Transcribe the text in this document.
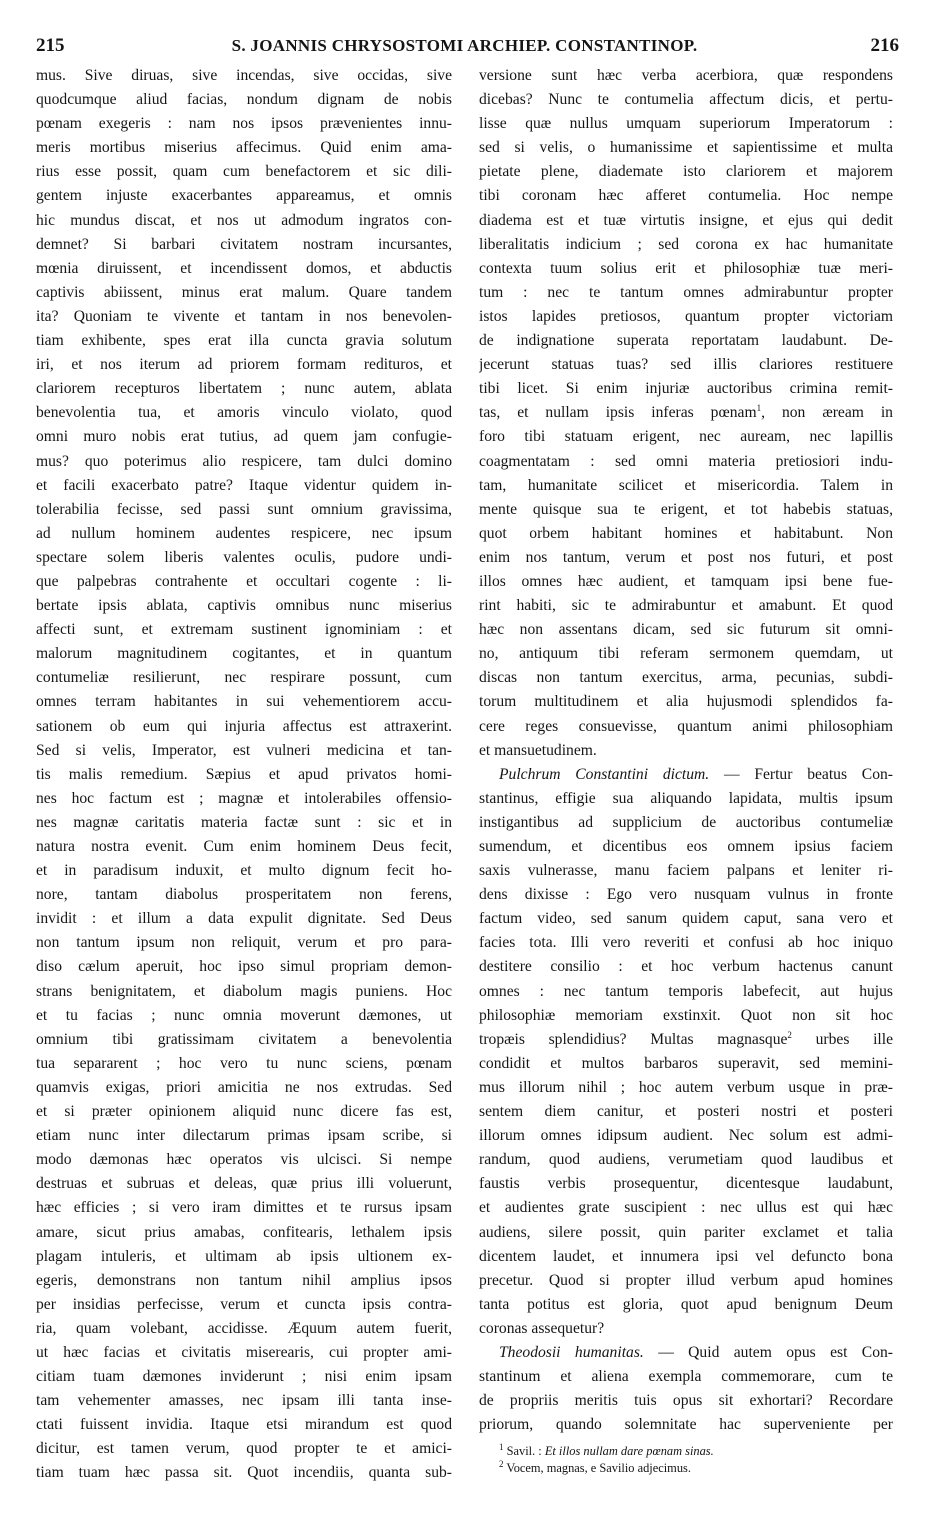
215	S. JOANNIS CHRYSOSTOMI ARCHIEP. CONSTANTINOP.	216
mus. Sive diruas, sive incendas, sive occidas, sive
quodcumque aliud facias, nondum dignam de nobis
pœnam exegeris : nam nos ipsos prævenientes innu-
meris mortibus miserius affecimus. Quid enim ama-
rius esse possit, quam cum benefactorem et sic dili-
gentem injuste exacerbantes appareamus, et omnis
hic mundus discat, et nos ut admodum ingratos con-
demnet? Si barbari civitatem nostram incursantes,
mœnia diruissent, et incendissent domos, et abductis
captivis abiissent, minus erat malum. Quare tandem
ita? Quoniam te vivente et tantam in nos benevolen-
tiam exhibente, spes erat illa cuncta gravia solutum
iri, et nos iterum ad priorem formam redituros, et
clariorem recepturos libertatem ; nunc autem, ablata
benevolentia tua, et amoris vinculo violato, quod
omni muro nobis erat tutius, ad quem jam confugie-
mus? quo poterimus alio respicere, tam dulci domino
et facili exacerbato patre? Itaque videntur quidem in-
tolerabilia fecisse, sed passi sunt omnium gravissima,
ad nullum hominem audentes respicere, nec ipsum
spectare solem liberis valentes oculis, pudore undi-
que palpebras contrahente et occultari cogente : li-
bertate ipsis ablata, captivis omnibus nunc miserius
affecti sunt, et extremam sustinent ignominiam : et
malorum magnitudinem cogitantes, et in quantum
contumeliæ resilierunt, nec respirare possunt, cum
omnes terram habitantes in sui vehementiorem accu-
sationem ob eum qui injuria affectus est attraxerint.
Sed si velis, Imperator, est vulneri medicina et tan-
tis malis remedium. Sæpius et apud privatos homi-
nes hoc factum est ; magnæ et intolerabiles offensio-
nes magnæ caritatis materia factæ sunt : sic et in
natura nostra evenit. Cum enim hominem Deus fecit,
et in paradisum induxit, et multo dignum fecit ho-
nore, tantam diabolus prosperitatem non ferens,
invidit : et illum a data expulit dignitate. Sed Deus
non tantum ipsum non reliquit, verum et pro para-
diso cælum aperuit, hoc ipso simul propriam demon-
strans benignitatem, et diabolum magis puniens. Hoc
et tu facias ; nunc omnia moverunt dæmones, ut
omnium tibi gratissimam civitatem a benevolentia
tua separarent ; hoc vero tu nunc sciens, pœnam
quamvis exigas, priori amicitia ne nos extrudas. Sed
et si præter opinionem aliquid nunc dicere fas est,
etiam nunc inter dilectarum primas ipsam scribe, si
modo dæmonas hæc operatos vis ulcisci. Si nempe
destruas et subruas et deleas, quæ prius illi voluerunt,
hæc efficies ; si vero iram dimittes et te rursus ipsam
amare, sicut prius amabas, confitearis, lethalem ipsis
plagam intuleris, et ultimam ab ipsis ultionem ex-
egeris, demonstrans non tantum nihil amplius ipsos
per insidias perfecisse, verum et cuncta ipsis contra-
ria, quam volebant, accidisse. Æquum autem fuerit,
ut hæc facias et civitatis miserearis, cui propter ami-
citiam tuam dæmones inviderunt ; nisi enim ipsam
tam vehementer amasses, nec ipsam illi tanta inse-
ctati fuissent invidia. Itaque etsi mirandum est quod
dicitur, est tamen verum, quod propter te et amici-
tiam tuam hæc passa sit. Quot incendiis, quanta sub-
versione sunt hæc verba acerbiora, quæ respondens
dicebas? Nunc te contumelia affectum dicis, et pertu-
lisse quæ nullus umquam superiorum Imperatorum :
sed si velis, o humanissime et sapientissime et multa
pietate plene, diademate isto clariorem et majorem
tibi coronam hæc afferet contumelia. Hoc nempe
diadema est et tuæ virtutis insigne, et ejus qui dedit
liberalitatis indicium ; sed corona ex hac humanitate
contexta tuum solius erit et philosophiæ tuæ meri-
tum : nec te tantum omnes admirabuntur propter
istos lapides pretiosos, quantum propter victoriam
de indignatione superata reportatam laudabunt. De-
jecerunt statuas tuas? sed illis clariores restituere
tibi licet. Si enim injuriæ auctoribus crimina remit-
tas, et nullam ipsis inferas pœnam$^1$, non æream in
foro tibi statuam erigent, nec auream, nec lapillis
coagmentatam : sed omni materia pretiosiori indu-
tam, humanitate scilicet et misericordia. Talem in
mente quisque sua te erigent, et tot habebis statuas,
quot orbem habitant homines et habitabunt. Non
enim nos tantum, verum et post nos futuri, et post
illos omnes hæc audient, et tamquam ipsi bene fue-
rint habiti, sic te admirabuntur et amabunt. Et quod
hæc non assentans dicam, sed sic futurum sit omni-
no, antiquum tibi referam sermonem quemdam, ut
discas non tantum exercitus, arma, pecunias, subdi-
torum multitudinem et alia hujusmodi splendidos fa-
cere reges consuevisse, quantum animi philosophiam
et mansuetudinem.
Pulchrum Constantini dictum. — Fertur beatus Con-
stantinus, effigie sua aliquando lapidata, multis ipsum
instigantibus ad supplicium de auctoribus contumeliæ
sumendum, et dicentibus eos omnem ipsius faciem
saxis vulnerasse, manu faciem palpans et leniter ri-
dens dixisse : Ego vero nusquam vulnus in fronte
factum video, sed sanum quidem caput, sana vero et
facies tota. Illi vero reveriti et confusi ab hoc iniquo
destitere consilio : et hoc verbum hactenus canunt
omnes : nec tantum temporis labefecit, aut hujus
philosophiæ memoriam exstinxit. Quot non sit hoc
tropæis splendidius? Multas magnasque$^2$ urbes ille
condidit et multos barbaros superavit, sed memini-
mus illorum nihil ; hoc autem verbum usque in præ-
sentem diem canitur, et posteri nostri et posteri
illorum omnes idipsum audient. Nec solum est admi-
randum, quod audiens, verumetiam quod laudibus et
faustis verbis prosequentur, dicentesque laudabunt,
et audientes grate suscipient : nec ullus est qui hæc
audiens, silere possit, quin pariter exclamet et talia
dicentem laudet, et innumera ipsi vel defuncto bona
precetur. Quod si propter illud verbum apud homines
tanta potitus est gloria, quot apud benignum Deum
coronas assequetur?
Theodosii humanitas. — Quid autem opus est Con-
stantinum et aliena exempla commemorare, cum te
de propriis meritis tuis opus sit exhortari? Recordare
priorum, quando solemnitate hac superveniente per
$^1$ Savil. : Et illos nullam dare pœnam sinas.
$^2$ Vocem, magnas, e Savilio adjecimus.
